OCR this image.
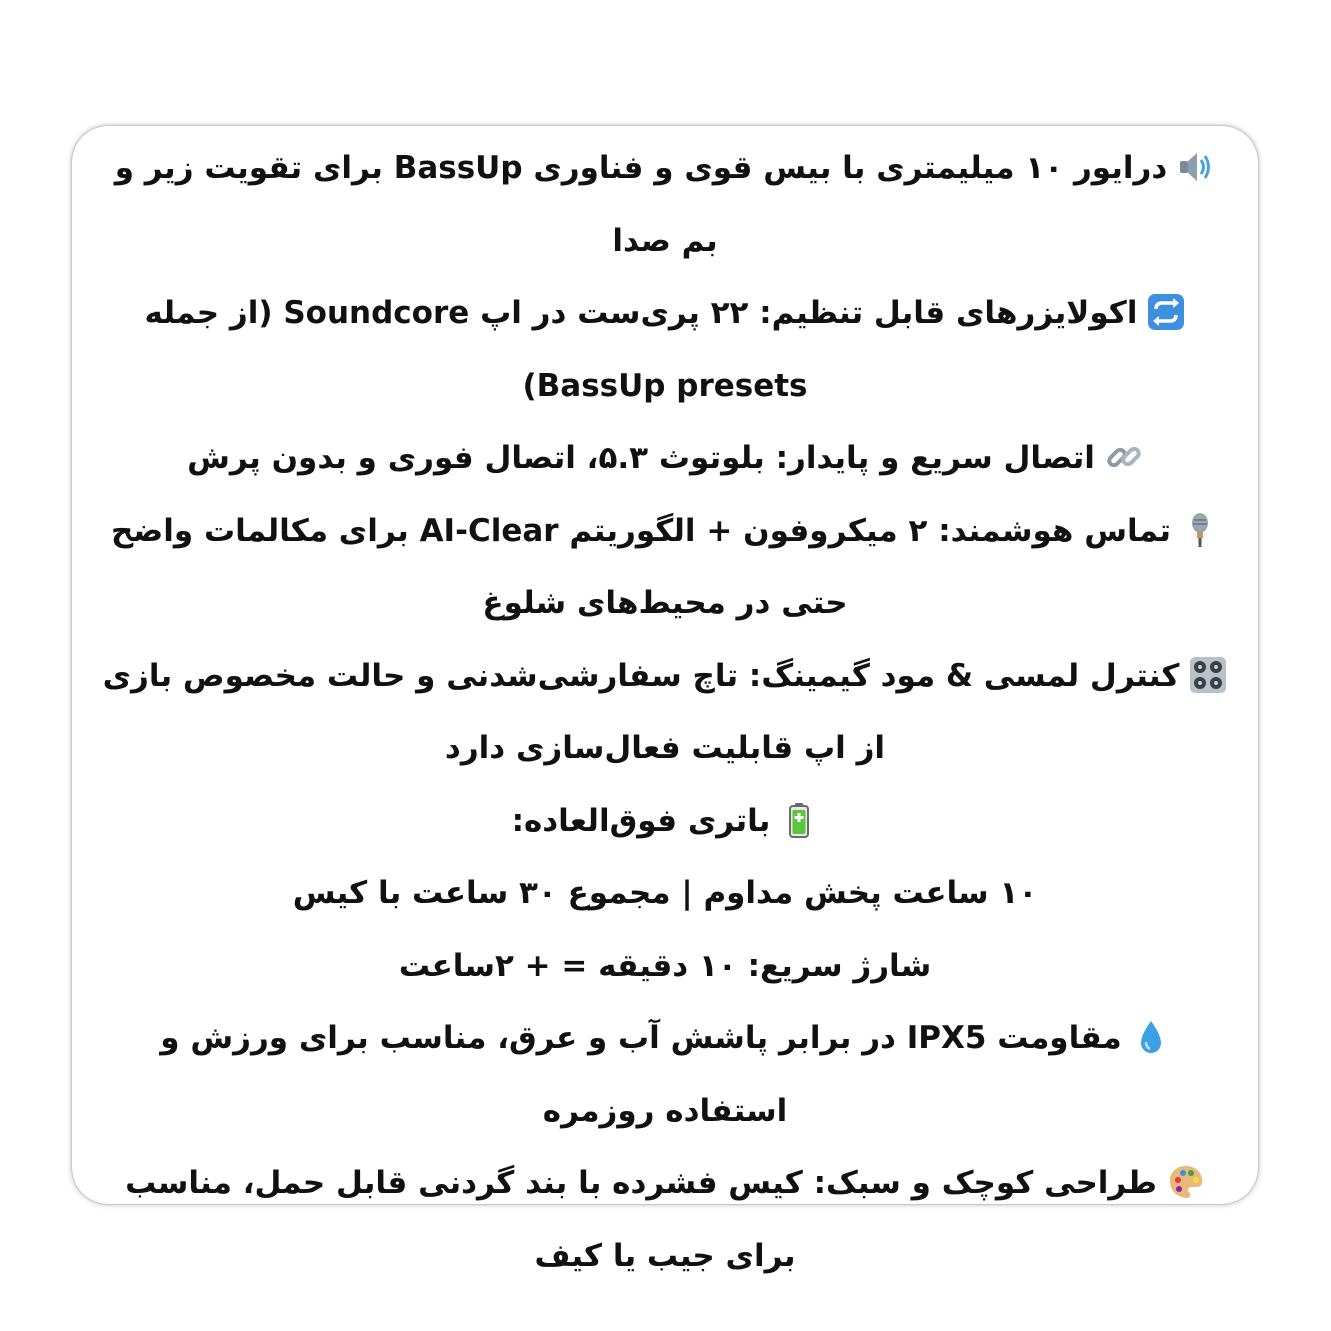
درایور ۱۰ میلیمتری با بیس قوی و فناوری BassUp برای تقویت زیر و بم صدا
اکولایزرهای قابل تنظیم: ۲۲ پری‌ست در اپ Soundcore (از جمله BassUp presets)
اتصال سریع و پایدار: بلوتوث ۵.۳، اتصال فوری و بدون پرش
تماس هوشمند: ۲ میکروفون + الگوریتم AI-Clear برای مکالمات واضح حتی در محیط‌های شلوغ
کنترل لمسی & مود گیمینگ: تاچ سفارشی‌شدنی و حالت مخصوص بازی از اپ قابلیت فعال‌سازی دارد
باتری فوق‌العاده:
۱۰ ساعت پخش مداوم | مجموع ۳۰ ساعت با کیس
شارژ سریع: ۱۰ دقیقه = + ۲ساعت
مقاومت IPX5 در برابر پاشش آب و عرق، مناسب برای ورزش و استفاده روزمره
طراحی کوچک و سبک: کیس فشرده با بند گردنی قابل حمل، مناسب برای جیب یا کیف
